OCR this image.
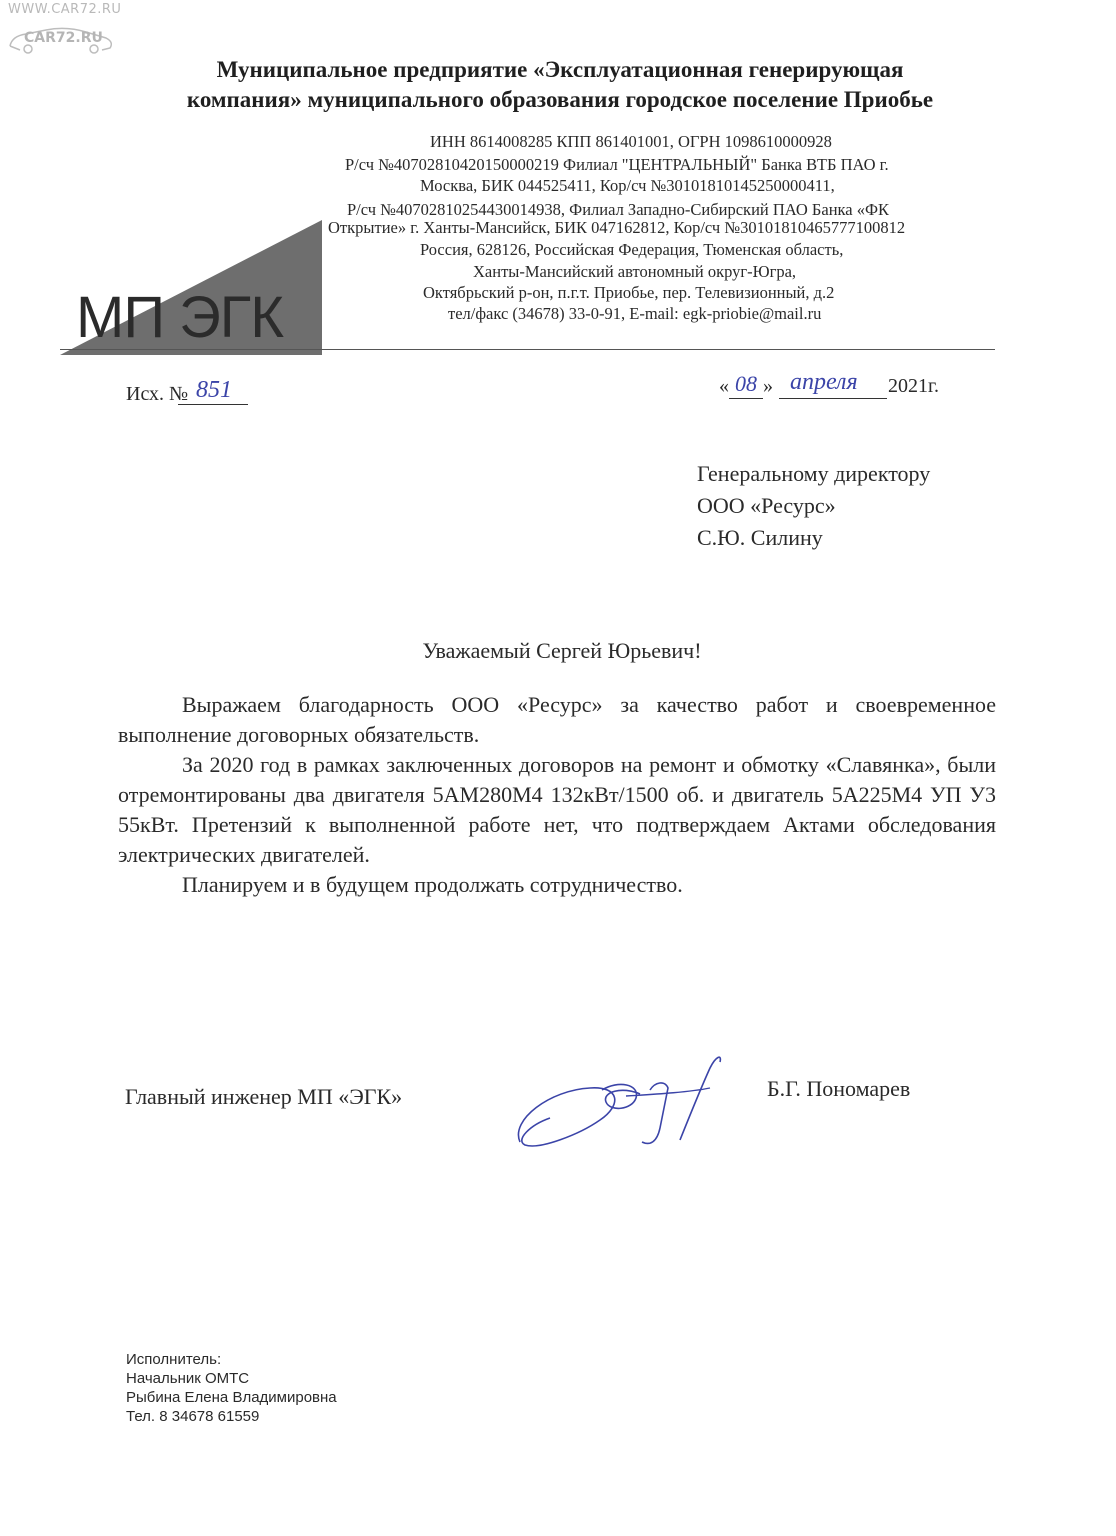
WWW.CAR72.RU
CAR72.RU
Муниципальное предприятие «Эксплуатационная генерирующая
компания» муниципального образования городское поселение Приобье
МП ЭГК
ИНН 8614008285 КПП 861401001, ОГРН 1098610000928
Р/сч №40702810420150000219 Филиал "ЦЕНТРАЛЬНЫЙ" Банка ВТБ ПАО г.
Москва, БИК 044525411, Кор/сч №30101810145250000411,
Р/сч №40702810254430014938, Филиал Западно-Сибирский ПАО Банка «ФК
Открытие» г. Ханты-Мансийск, БИК 047162812, Кор/сч №30101810465777100812
Россия, 628126, Российская Федерация, Тюменская область,
Ханты-Мансийский автономный округ-Югра,
Октябрьский р-он, п.г.т. Приобье, пер. Телевизионный, д.2
тел/факс (34678) 33-0-91, E-mail: egk-priobie@mail.ru
Исх. № 851	« 08 » апреля 2021г.
Генеральному директору
ООО «Ресурс»
С.Ю. Силину
Уважаемый Сергей Юрьевич!

Выражаем благодарность ООО «Ресурс» за качество работ и своевременное выполнение договорных обязательств.

За 2020 год в рамках заключенных договоров на ремонт и обмотку «Славянка», были отремонтированы два двигателя 5АМ280М4 132кВт/1500 об. и двигатель 5А225М4 УП У3 55кВт. Претензий к выполненной работе нет, что подтверждаем Актами обследования электрических двигателей.

Планируем и в будущем продолжать сотрудничество.

Главный инженер МП «ЭГК»	Б.Г. Пономарев
Исполнитель:
Начальник ОМТС
Рыбина Елена Владимировна
Тел. 8 34678 61559
